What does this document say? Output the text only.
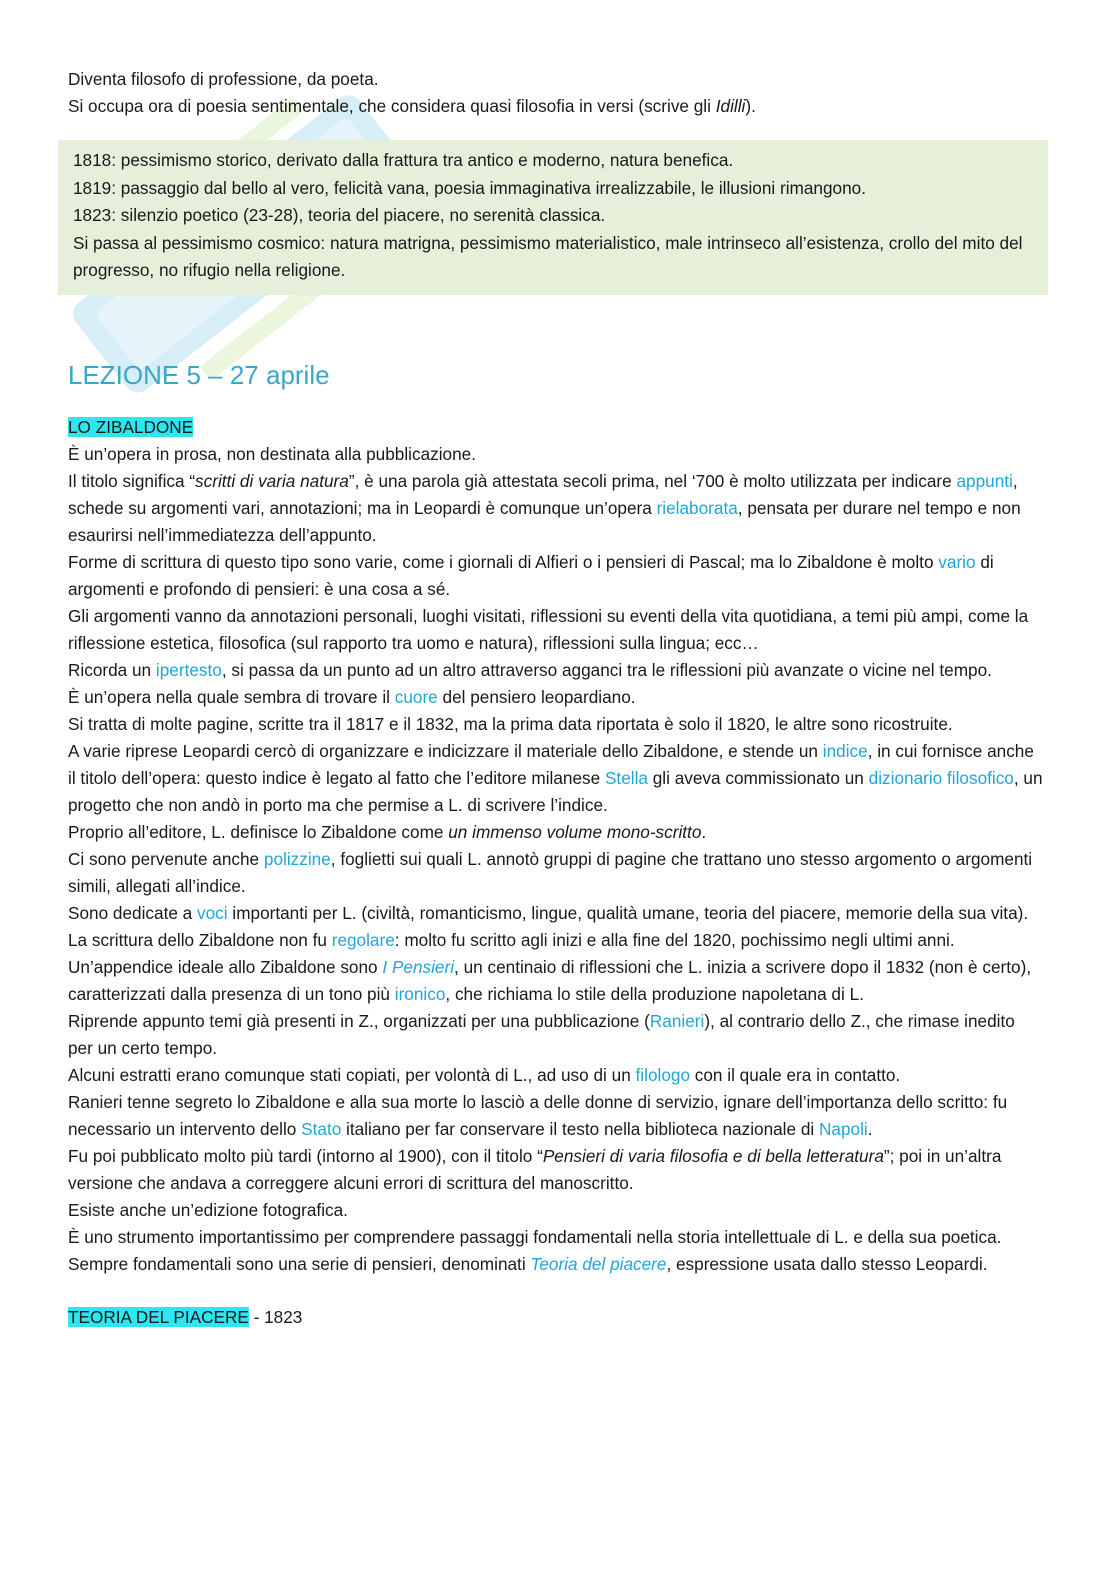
Diventa filosofo di professione, da poeta.

Si occupa ora di poesia sentimentale, che considera quasi filosofia in versi (scrive gli Idilli).

1818: pessimismo storico, derivato dalla frattura tra antico e moderno, natura benefica.

1819: passaggio dal bello al vero, felicità vana, poesia immaginativa irrealizzabile, le illusioni rimangono.

1823: silenzio poetico (23-28), teoria del piacere, no serenità classica.

Si passa al pessimismo cosmico: natura matrigna, pessimismo materialistico, male intrinseco all’esistenza, crollo del mito del progresso, no rifugio nella religione.

LEZIONE 5 – 27 aprile

LO ZIBALDONE

È un’opera in prosa, non destinata alla pubblicazione.

Il titolo significa “scritti di varia natura”, è una parola già attestata secoli prima, nel ‘700 è molto utilizzata per indicare appunti, schede su argomenti vari, annotazioni; ma in Leopardi è comunque un’opera rielaborata, pensata per durare nel tempo e non esaurirsi nell’immediatezza dell’appunto.

Forme di scrittura di questo tipo sono varie, come i giornali di Alfieri o i pensieri di Pascal; ma lo Zibaldone è molto vario di argomenti e profondo di pensieri: è una cosa a sé.

Gli argomenti vanno da annotazioni personali, luoghi visitati, riflessioni su eventi della vita quotidiana, a temi più ampi, come la riflessione estetica, filosofica (sul rapporto tra uomo e natura), riflessioni sulla lingua; ecc…

Ricorda un ipertesto, si passa da un punto ad un altro attraverso agganci tra le riflessioni più avanzate o vicine nel tempo.

È un’opera nella quale sembra di trovare il cuore del pensiero leopardiano.

Si tratta di molte pagine, scritte tra il 1817 e il 1832, ma la prima data riportata è solo il 1820, le altre sono ricostruite.

A varie riprese Leopardi cercò di organizzare e indicizzare il materiale dello Zibaldone, e stende un indice, in cui fornisce anche il titolo dell’opera: questo indice è legato al fatto che l’editore milanese Stella gli aveva commissionato un dizionario filosofico, un progetto che non andò in porto ma che permise a L. di scrivere l’indice.

Proprio all’editore, L. definisce lo Zibaldone come un immenso volume mono-scritto.

Ci sono pervenute anche polizzine, foglietti sui quali L. annotò gruppi di pagine che trattano uno stesso argomento o argomenti simili, allegati all’indice.

Sono dedicate a voci importanti per L. (civiltà, romanticismo, lingue, qualità umane, teoria del piacere, memorie della sua vita).

La scrittura dello Zibaldone non fu regolare: molto fu scritto agli inizi e alla fine del 1820, pochissimo negli ultimi anni.

Un’appendice ideale allo Zibaldone sono I Pensieri, un centinaio di riflessioni che L. inizia a scrivere dopo il 1832 (non è certo), caratterizzati dalla presenza di un tono più ironico, che richiama lo stile della produzione napoletana di L.

Riprende appunto temi già presenti in Z., organizzati per una pubblicazione (Ranieri), al contrario dello Z., che rimase inedito per un certo tempo.

Alcuni estratti erano comunque stati copiati, per volontà di L., ad uso di un filologo con il quale era in contatto.

Ranieri tenne segreto lo Zibaldone e alla sua morte lo lasciò a delle donne di servizio, ignare dell’importanza dello scritto: fu necessario un intervento dello Stato italiano per far conservare il testo nella biblioteca nazionale di Napoli.

Fu poi pubblicato molto più tardi (intorno al 1900), con il titolo “Pensieri di varia filosofia e di bella letteratura”; poi in un’altra versione che andava a correggere alcuni errori di scrittura del manoscritto.

Esiste anche un’edizione fotografica.

È uno strumento importantissimo per comprendere passaggi fondamentali nella storia intellettuale di L. e della sua poetica.

Sempre fondamentali sono una serie di pensieri, denominati Teoria del piacere, espressione usata dallo stesso Leopardi.

TEORIA DEL PIACERE - 1823
